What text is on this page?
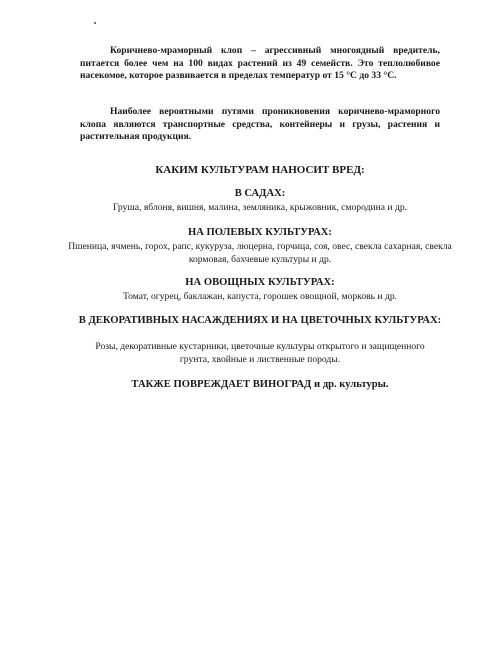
Коричнево-мраморный клоп – агрессивный многоядный вредитель, питается более чем на 100 видах растений из 49 семейств. Это теплолюбивое насекомое, которое развивается в пределах температур от 15 °С до 33 °С.

Наиболее вероятными путями проникновения коричнево-мраморного клопа являются транспортные средства, контейнеры и грузы, растения и растительная продукция.

КАКИМ КУЛЬТУРАМ НАНОСИТ ВРЕД:

В САДАХ:

Груша, яблоня, вишня, малина, земляника, крыжовник, смородина и др.

НА ПОЛЕВЫХ КУЛЬТУРАХ:

Пшеница, ячмень, горох, рапс, кукуруза, люцерна, горчица, соя, овес, свекла сахарная, свекла кормовая, бахчевые культуры и др.

НА ОВОЩНЫХ КУЛЬТУРАХ:

Томат, огурец, баклажан, капуста, горошек овощной, морковь и др.

В ДЕКОРАТИВНЫХ НАСАЖДЕНИЯХ И НА ЦВЕТОЧНЫХ КУЛЬТУРАХ:

Розы, декоративные кустарники, цветочные культуры открытого и защищенного грунта, хвойные и лиственные породы.

ТАКЖЕ ПОВРЕЖДАЕТ ВИНОГРАД и др. культуры.
